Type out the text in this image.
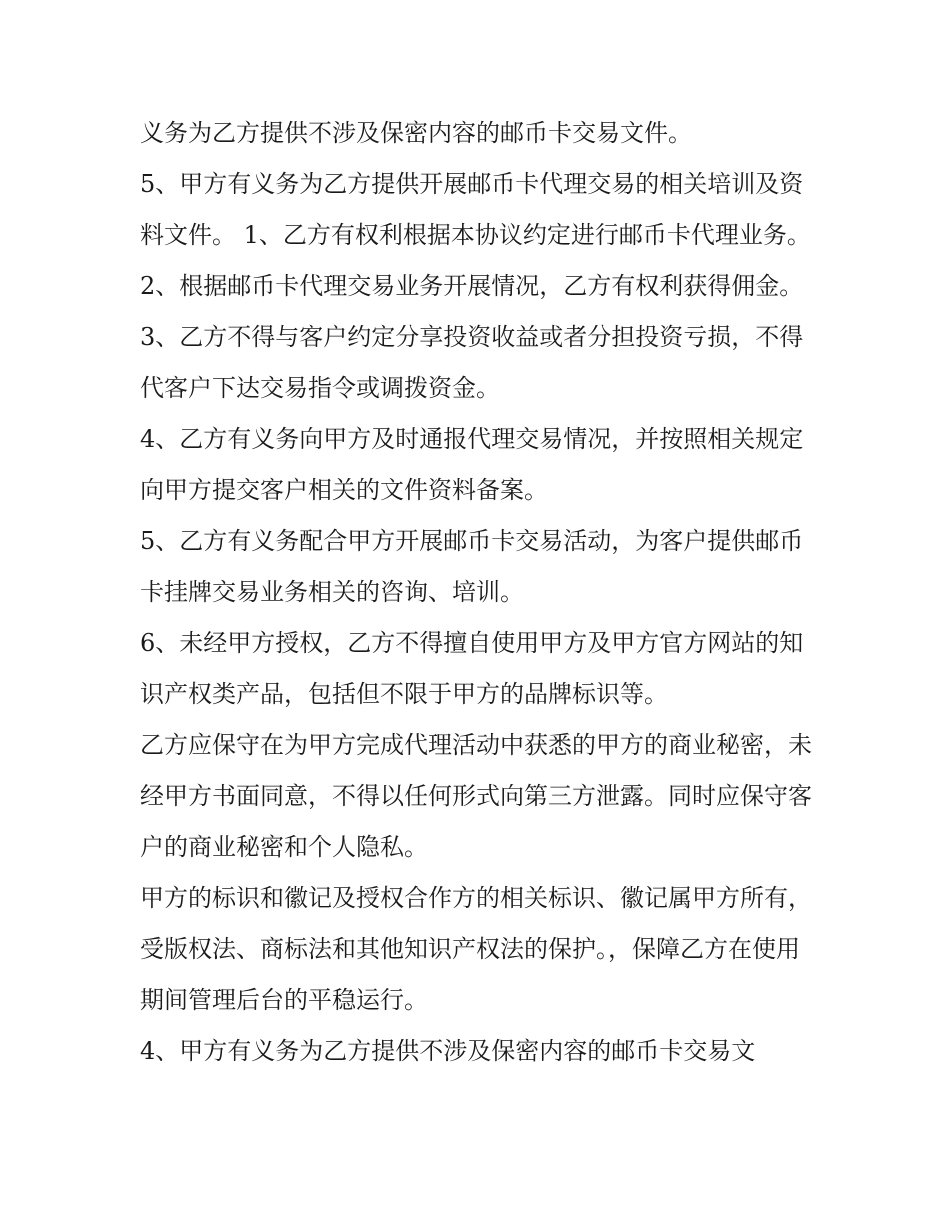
义务为乙方提供不涉及保密内容的邮币卡交易文件。

5、甲方有义务为乙方提供开展邮币卡代理交易的相关培训及资料文件。 1、乙方有权利根据本协议约定进行邮币卡代理业务。

2、根据邮币卡代理交易业务开展情况，乙方有权利获得佣金。 3、乙方不得与客户约定分享投资收益或者分担投资亏损，不得代客户下达交易指令或调拨资金。

4、乙方有义务向甲方及时通报代理交易情况，并按照相关规定向甲方提交客户相关的文件资料备案。

5、乙方有义务配合甲方开展邮币卡交易活动，为客户提供邮币卡挂牌交易业务相关的咨询、培训。

6、未经甲方授权，乙方不得擅自使用甲方及甲方官方网站的知识产权类产品，包括但不限于甲方的品牌标识等。

乙方应保守在为甲方完成代理活动中获悉的甲方的商业秘密，未经甲方书面同意，不得以任何形式向第三方泄露。同时应保守客户的商业秘密和个人隐私。

甲方的标识和徽记及授权合作方的相关标识、徽记属甲方所有，受版权法、商标法和其他知识产权法的保护。，保障乙方在使用期间管理后台的平稳运行。

4、甲方有义务为乙方提供不涉及保密内容的邮币卡交易文
